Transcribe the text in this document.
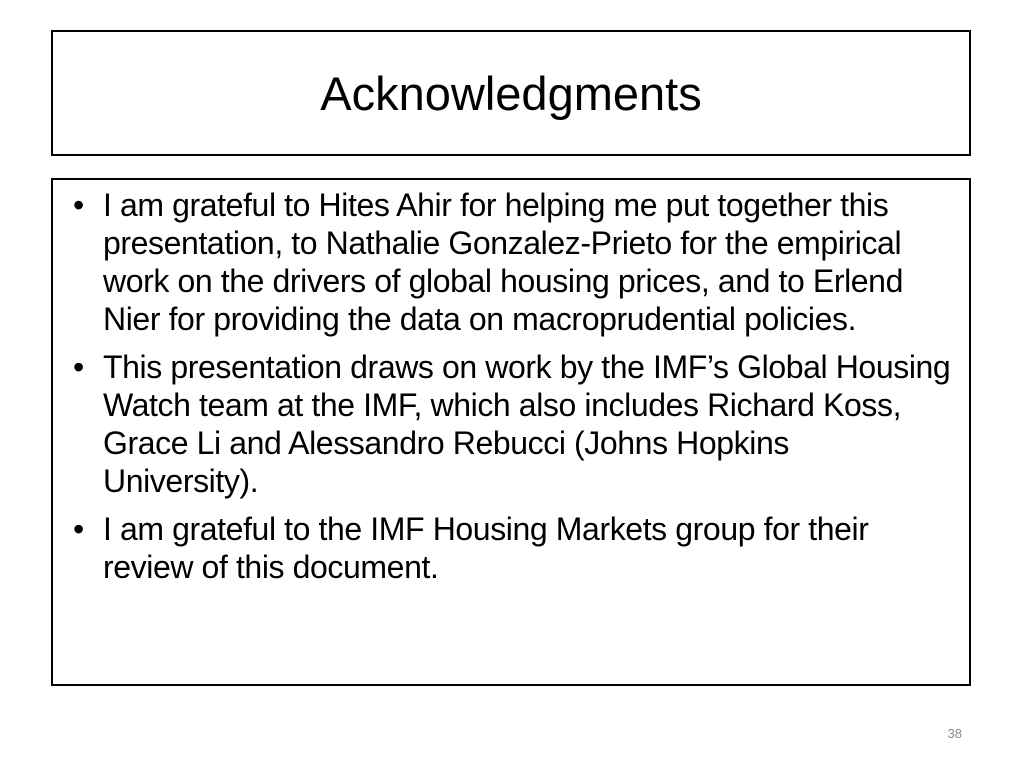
Acknowledgments
• I am grateful to Hites Ahir for helping me put together this presentation, to Nathalie Gonzalez-Prieto for the empirical work on the drivers of global housing prices, and to Erlend Nier for providing the data on macroprudential policies.
• This presentation draws on work by the IMF’s Global Housing Watch team at the IMF, which also includes Richard Koss, Grace Li and Alessandro Rebucci (Johns Hopkins University).
• I am grateful to the IMF Housing Markets group for their review of this document.
38
